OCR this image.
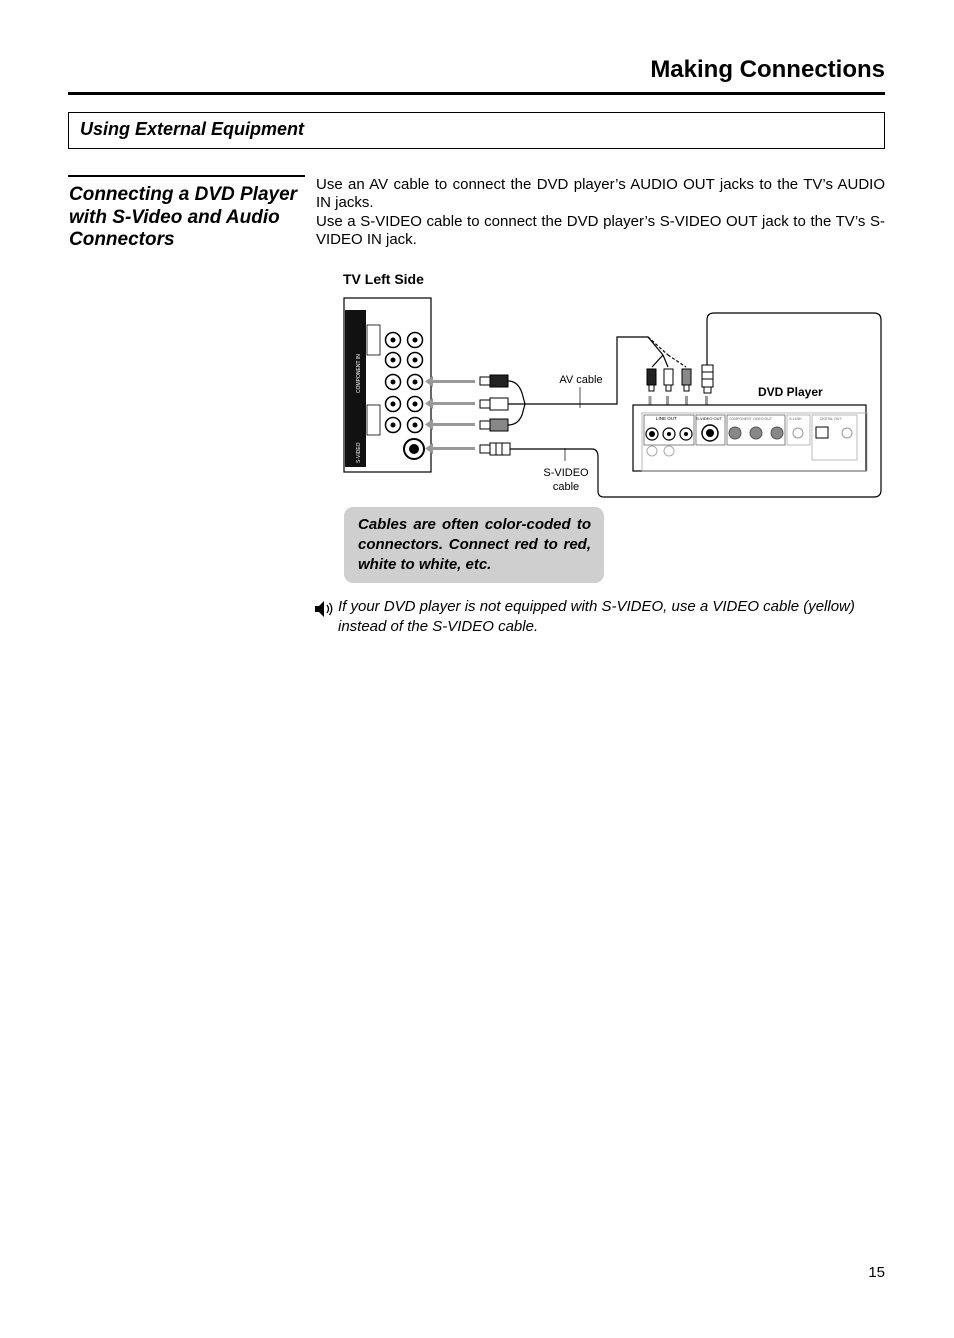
Making Connections
Using External Equipment
Connecting a DVD Player with S-Video and Audio Connectors

Use an AV cable to connect the DVD player’s AUDIO OUT jacks to the TV’s AUDIO IN jacks.

Use a S-VIDEO cable to connect the DVD player’s S-VIDEO OUT jack to the TV’s S-VIDEO IN jack.

TV Left Side
COMPONENT IN
AV OUT
AV IN
S-VIDEO
AV cable
S-VIDEO
cable
DVD Player
LINE OUT	S-VIDEO OUT COMPONENT VIDEO OUT	S-LINK	DIGITAL OUT
Cables are often color-coded to connectors. Connect red to red, white to white, etc.
If your DVD player is not equipped with S-VIDEO, use a VIDEO cable (yellow) instead of the S-VIDEO cable.
15
